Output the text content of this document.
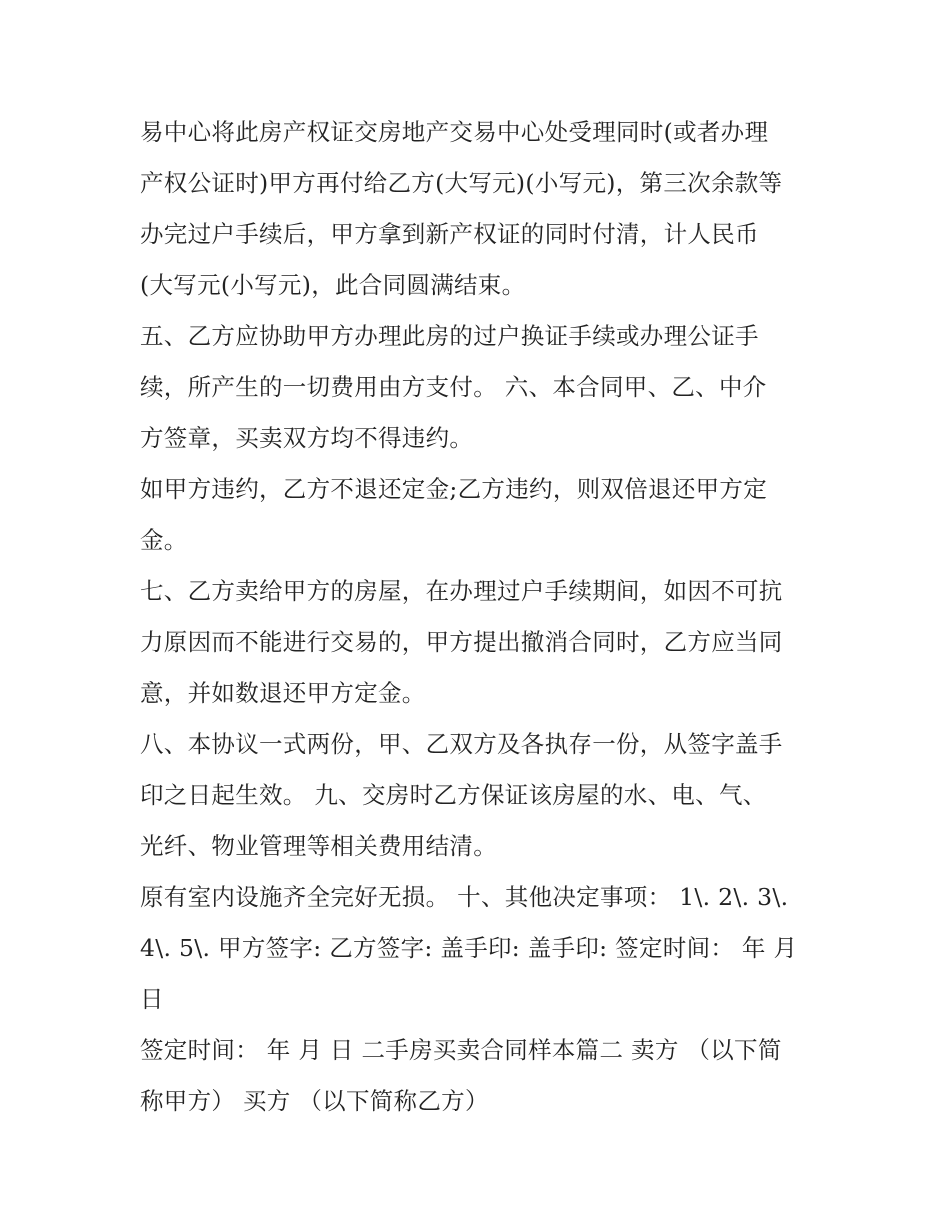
易中心将此房产权证交房地产交易中心处受理同时(或者办理
产权公证时)甲方再付给乙方(大写元)(小写元)，第三次余款等
办完过户手续后，甲方拿到新产权证的同时付清，计人民币
(大写元(小写元)，此合同圆满结束。
五、乙方应协助甲方办理此房的过户换证手续或办理公证手
续，所产生的一切费用由方支付。 六、本合同甲、乙、中介
方签章，买卖双方均不得违约。
如甲方违约，乙方不退还定金;乙方违约，则双倍退还甲方定
金。
七、乙方卖给甲方的房屋，在办理过户手续期间，如因不可抗
力原因而不能进行交易的，甲方提出撤消合同时，乙方应当同
意，并如数退还甲方定金。
八、本协议一式两份，甲、乙双方及各执存一份，从签字盖手
印之日起生效。 九、交房时乙方保证该房屋的水、电、气、
光纤、物业管理等相关费用结清。
原有室内设施齐全完好无损。 十、其他决定事项： 1\. 2\. 3\.
4\. 5\. 甲方签字: 乙方签字: 盖手印: 盖手印: 签定时间： 年 月
日
签定时间： 年 月 日 二手房买卖合同样本篇二 卖方 （以下简
称甲方） 买方 （以下简称乙方）
